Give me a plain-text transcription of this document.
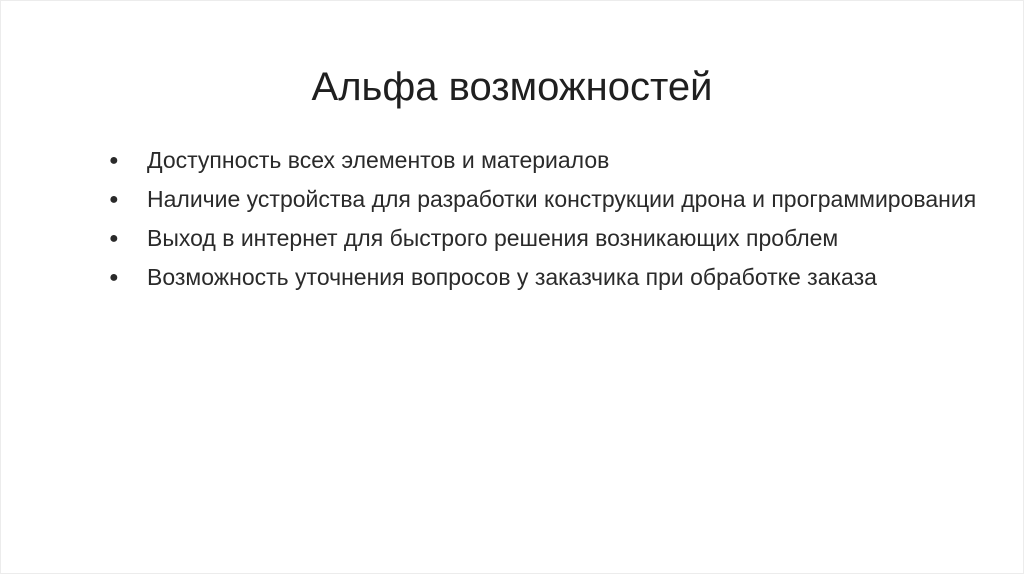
Альфа возможностей
● Доступность всех элементов и материалов
● Наличие устройства для разработки конструкции дрона и программирования
● Выход в интернет для быстрого решения возникающих проблем
● Возможность уточнения вопросов у заказчика при обработке заказа
